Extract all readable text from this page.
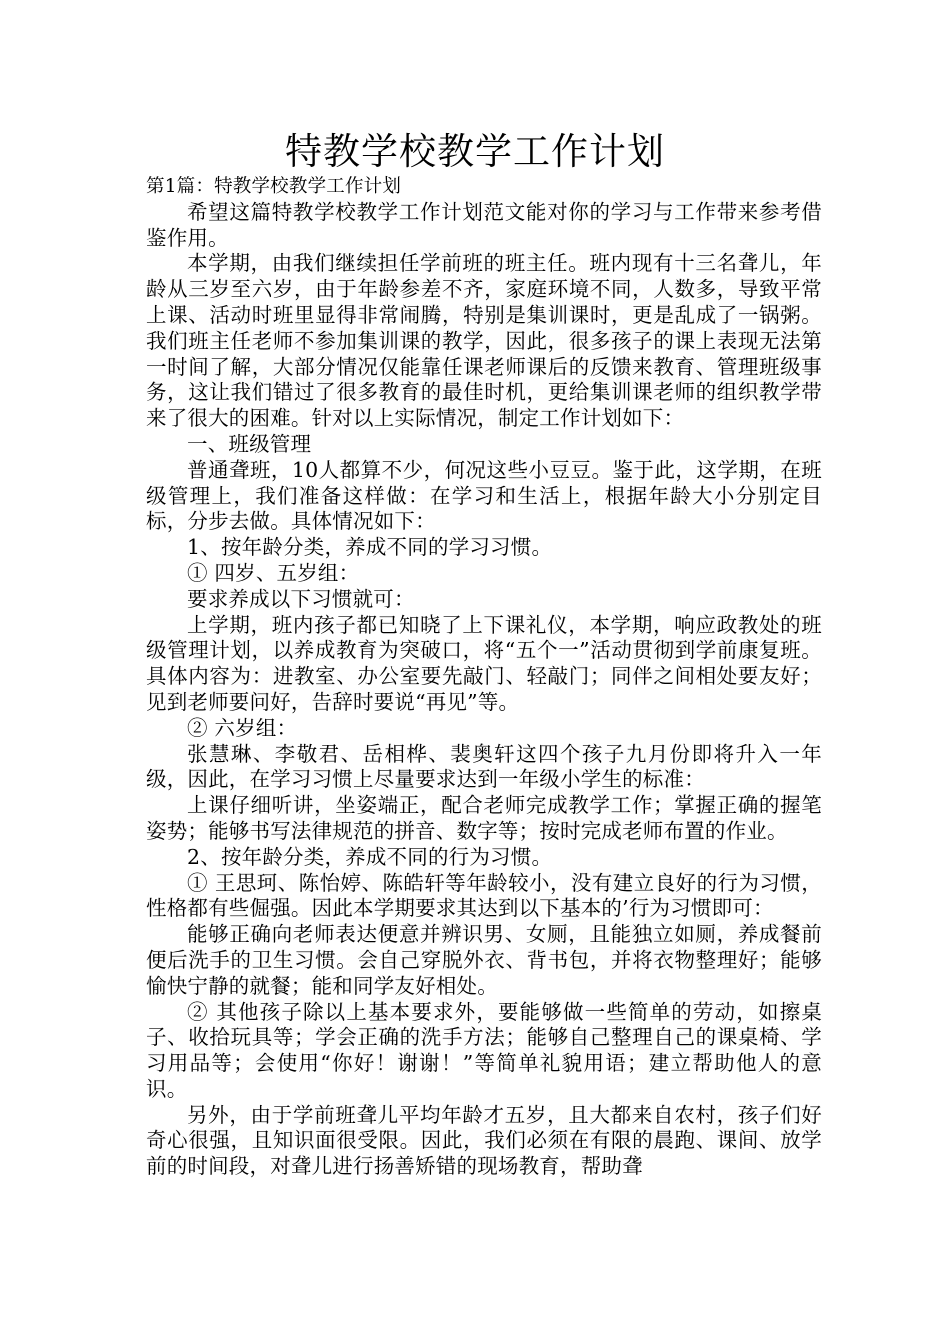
特教学校教学工作计划

第1篇：特教学校教学工作计划

希望这篇特教学校教学工作计划范文能对你的学习与工作带来参考借鉴作用。

本学期，由我们继续担任学前班的班主任。班内现有十三名聋儿，年龄从三岁至六岁，由于年龄参差不齐，家庭环境不同，人数多，导致平常上课、活动时班里显得非常闹腾，特别是集训课时，更是乱成了一锅粥。我们班主任老师不参加集训课的教学，因此，很多孩子的课上表现无法第一时间了解，大部分情况仅能靠任课老师课后的反馈来教育、管理班级事务，这让我们错过了很多教育的最佳时机，更给集训课老师的组织教学带来了很大的困难。针对以上实际情况，制定工作计划如下：

一、班级管理

普通聋班，10人都算不少，何况这些小豆豆。鉴于此，这学期，在班级管理上，我们准备这样做：在学习和生活上，根据年龄大小分别定目标，分步去做。具体情况如下：

1、按年龄分类，养成不同的学习习惯。

① 四岁、五岁组：

要求养成以下习惯就可：

上学期，班内孩子都已知晓了上下课礼仪，本学期，响应政教处的班级管理计划，以养成教育为突破口，将“五个一”活动贯彻到学前康复班。具体内容为：进教室、办公室要先敲门、轻敲门；同伴之间相处要友好；见到老师要问好，告辞时要说“再见”等。

② 六岁组：

张慧琳、李敬君、岳相桦、裴奥轩这四个孩子九月份即将升入一年级，因此，在学习习惯上尽量要求达到一年级小学生的标准：

上课仔细听讲，坐姿端正，配合老师完成教学工作；掌握正确的握笔姿势；能够书写法律规范的拼音、数字等；按时完成老师布置的作业。

2、按年龄分类，养成不同的行为习惯。

① 王思珂、陈怡婷、陈皓轩等年龄较小，没有建立良好的行为习惯，性格都有些倔强。因此本学期要求其达到以下基本的’行为习惯即可：

能够正确向老师表达便意并辨识男、女厕，且能独立如厕，养成餐前便后洗手的卫生习惯。会自己穿脱外衣、背书包，并将衣物整理好；能够愉快宁静的就餐；能和同学友好相处。

② 其他孩子除以上基本要求外，要能够做一些简单的劳动，如擦桌子、收拾玩具等；学会正确的洗手方法；能够自己整理自己的课桌椅、学习用品等；会使用“你好！谢谢！”等简单礼貌用语；建立帮助他人的意识。

另外，由于学前班聋儿平均年龄才五岁，且大都来自农村，孩子们好奇心很强，且知识面很受限。因此，我们必须在有限的晨跑、课间、放学前的时间段，对聋儿进行扬善矫错的现场教育，帮助聋
